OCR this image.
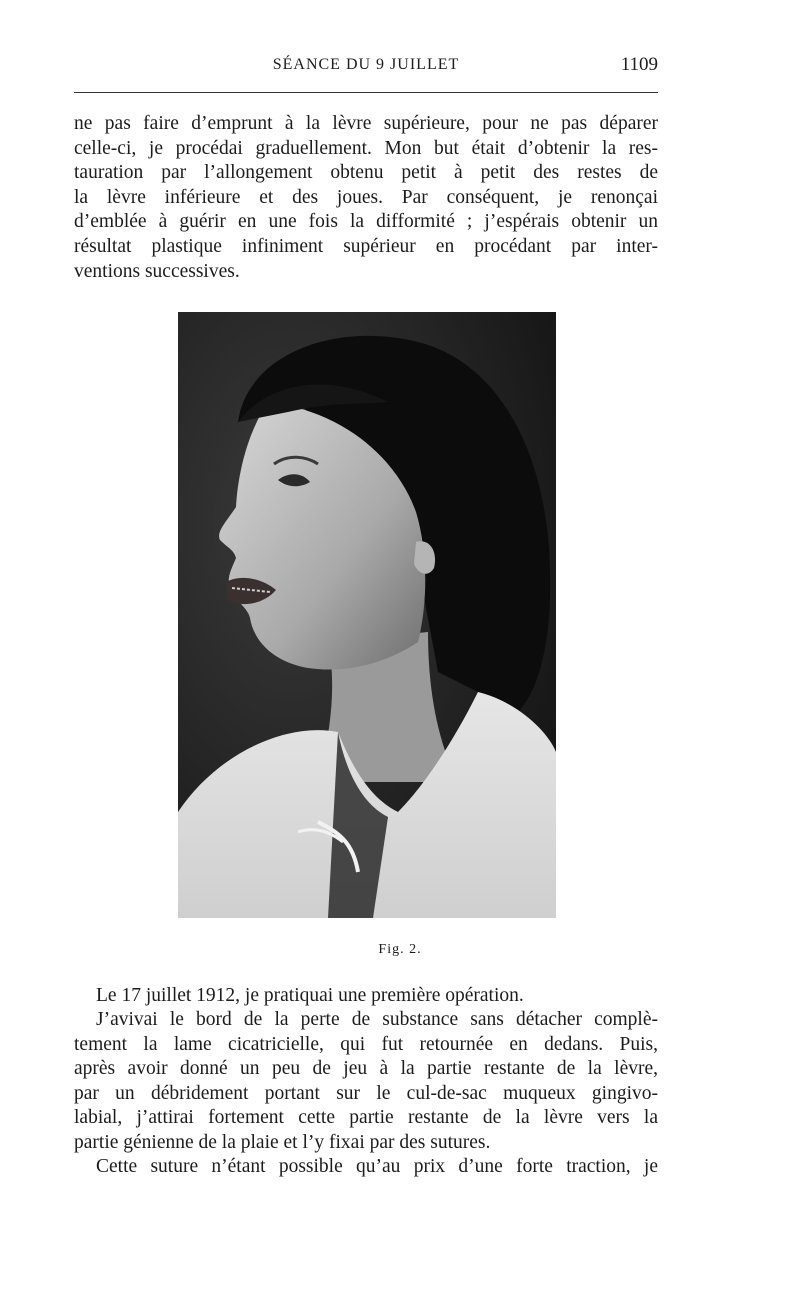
SÉANCE DU 9 JUILLET	1109

ne pas faire d’emprunt à la lèvre supérieure, pour ne pas déparer
celle-ci, je procédai graduellement. Mon but était d’obtenir la res-
tauration par l’allongement obtenu petit à petit des restes de
la lèvre inférieure et des joues. Par conséquent, je renonçai
d’emblée à guérir en une fois la difformité ; j’espérais obtenir un
résultat plastique infiniment supérieur en procédant par inter-
ventions successives.

Fig. 2.

Le 17 juillet 1912, je pratiquai une première opération.

J’avivai le bord de la perte de substance sans détacher complè-
tement la lame cicatricielle, qui fut retournée en dedans. Puis,
après avoir donné un peu de jeu à la partie restante de la lèvre,
par un débridement portant sur le cul-de-sac muqueux gingivo-
labial, j’attirai fortement cette partie restante de la lèvre vers la
partie génienne de la plaie et l’y fixai par des sutures.

Cette suture n’étant possible qu’au prix d’une forte traction, je
